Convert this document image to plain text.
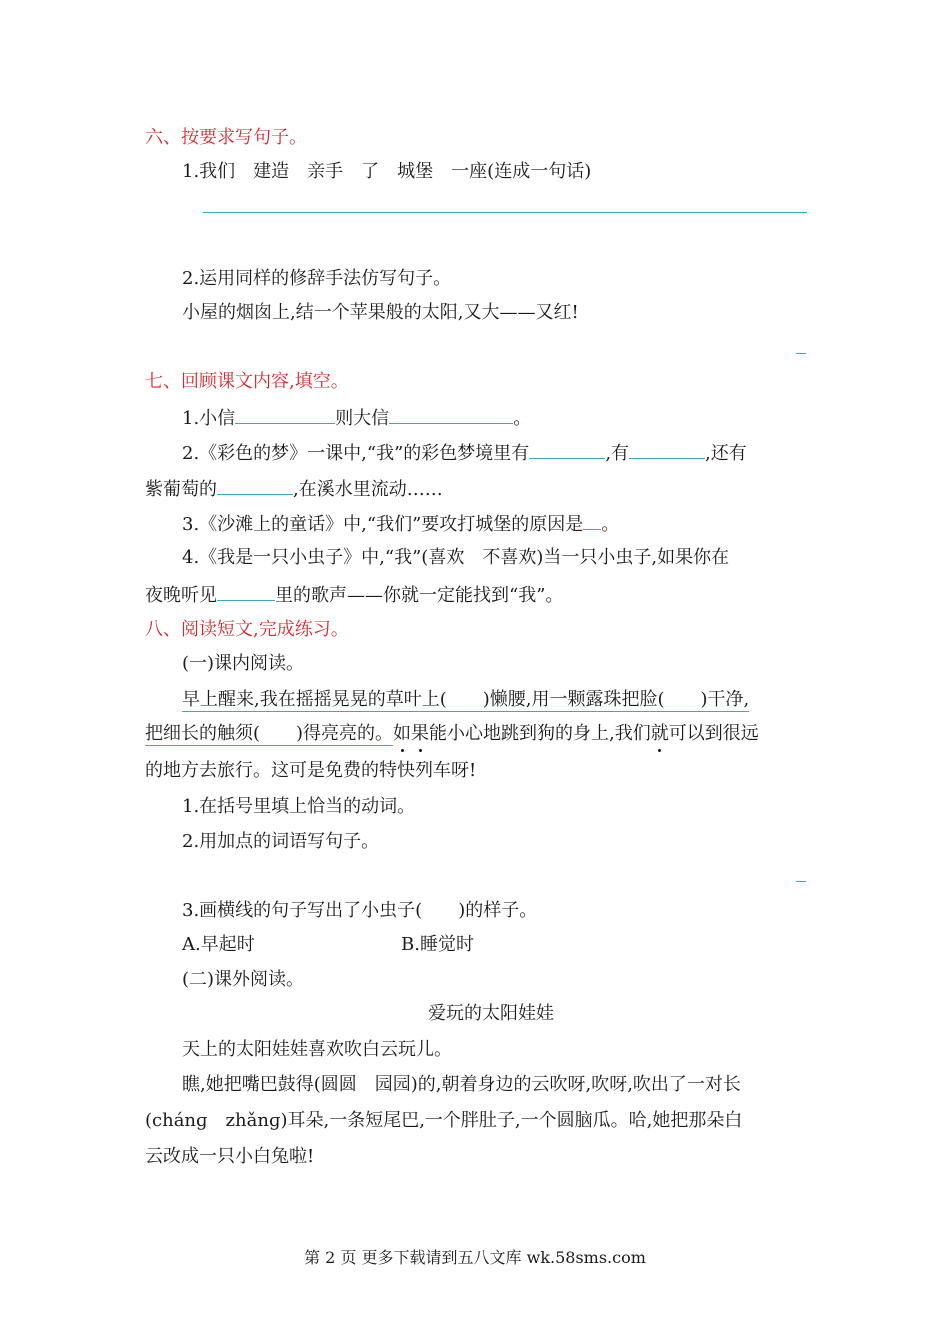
六、按要求写句子。
1.我们　建造　亲手　了　城堡　一座(连成一句话)
2.运用同样的修辞手法仿写句子。
小屋的烟囱上,结一个苹果般的太阳,又大——又红!
七、回顾课文内容,填空。
1.小信	则大信	。
2.《彩色的梦》一课中,“我”的彩色梦境里有	,有	,还有
紫葡萄的	,在溪水里流动……
3.《沙滩上的童话》中,“我们”要攻打城堡的原因是 。
4.《我是一只小虫子》中,“我”(喜欢　不喜欢)当一只小虫子,如果你在
夜晚听见	里的歌声——你就一定能找到“我”。
八、阅读短文,完成练习。
(一)课内阅读。
早上醒来,我在摇摇晃晃的草叶上(　　)懒腰,用一颗露珠把脸(　　)干净,
把细长的触须(　　)得亮亮的。如果能小心地跳到狗的身上,我们就可以到很远
的地方去旅行。这可是免费的特快列车呀!
1.在括号里填上恰当的动词。
2.用加点的词语写句子。
3.画横线的句子写出了小虫子(　　)的样子。
A.早起时	B.睡觉时
(二)课外阅读。
爱玩的太阳娃娃
天上的太阳娃娃喜欢吹白云玩儿。
瞧,她把嘴巴鼓得(圆圆　园园)的,朝着身边的云吹呀,吹呀,吹出了一对长
(chánɡ　zhǎnɡ)耳朵,一条短尾巴,一个胖肚子,一个圆脑瓜。哈,她把那朵白
云改成一只小白兔啦!
第 2 页 更多下载请到五八文库 wk.58sms.com
